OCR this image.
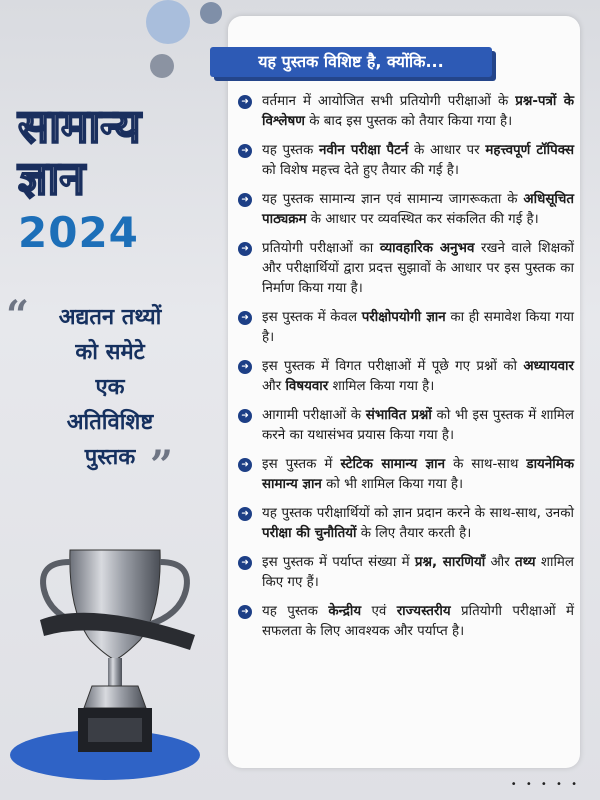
सामान्य
ज्ञान
2024
“	अद्यतन तथ्यों
को समेटे
एक
अतिविशिष्ट
पुस्तक ”
यह पुस्तक विशिष्ट है, क्योंकि...
➜ वर्तमान में आयोजित सभी प्रतियोगी परीक्षाओं के प्रश्न-पत्रों के विश्लेषण के बाद इस पुस्तक को तैयार किया गया है।
➜ यह पुस्तक नवीन परीक्षा पैटर्न के आधार पर महत्त्वपूर्ण टॉपिक्स को विशेष महत्त्व देते हुए तैयार की गई है।
➜ यह पुस्तक सामान्य ज्ञान एवं सामान्य जागरूकता के अधिसूचित पाठ्यक्रम के आधार पर व्यवस्थित कर संकलित की गई है।
➜ प्रतियोगी परीक्षाओं का व्यावहारिक अनुभव रखने वाले शिक्षकों और परीक्षार्थियों द्वारा प्रदत्त सुझावों के आधार पर इस पुस्तक का निर्माण किया गया है।
➜ इस पुस्तक में केवल परीक्षोपयोगी ज्ञान का ही समावेश किया गया है।
➜ इस पुस्तक में विगत परीक्षाओं में पूछे गए प्रश्नों को अध्यायवार और विषयवार शामिल किया गया है।
➜ आगामी परीक्षाओं के संभावित प्रश्नों को भी इस पुस्तक में शामिल करने का यथासंभव प्रयास किया गया है।
➜ इस पुस्तक में स्टेटिक सामान्य ज्ञान के साथ-साथ डायनेमिक सामान्य ज्ञान को भी शामिल किया गया है।
➜ यह पुस्तक परीक्षार्थियों को ज्ञान प्रदान करने के साथ-साथ, उनको परीक्षा की चुनौतियों के लिए तैयार करती है।
➜ इस पुस्तक में पर्याप्त संख्या में प्रश्न, सारणियाँ और तथ्य शामिल किए गए हैं।
➜ यह पुस्तक केन्द्रीय एवं राज्यस्तरीय प्रतियोगी परीक्षाओं में सफलता के लिए आवश्यक और पर्याप्त है।
• • • • •
